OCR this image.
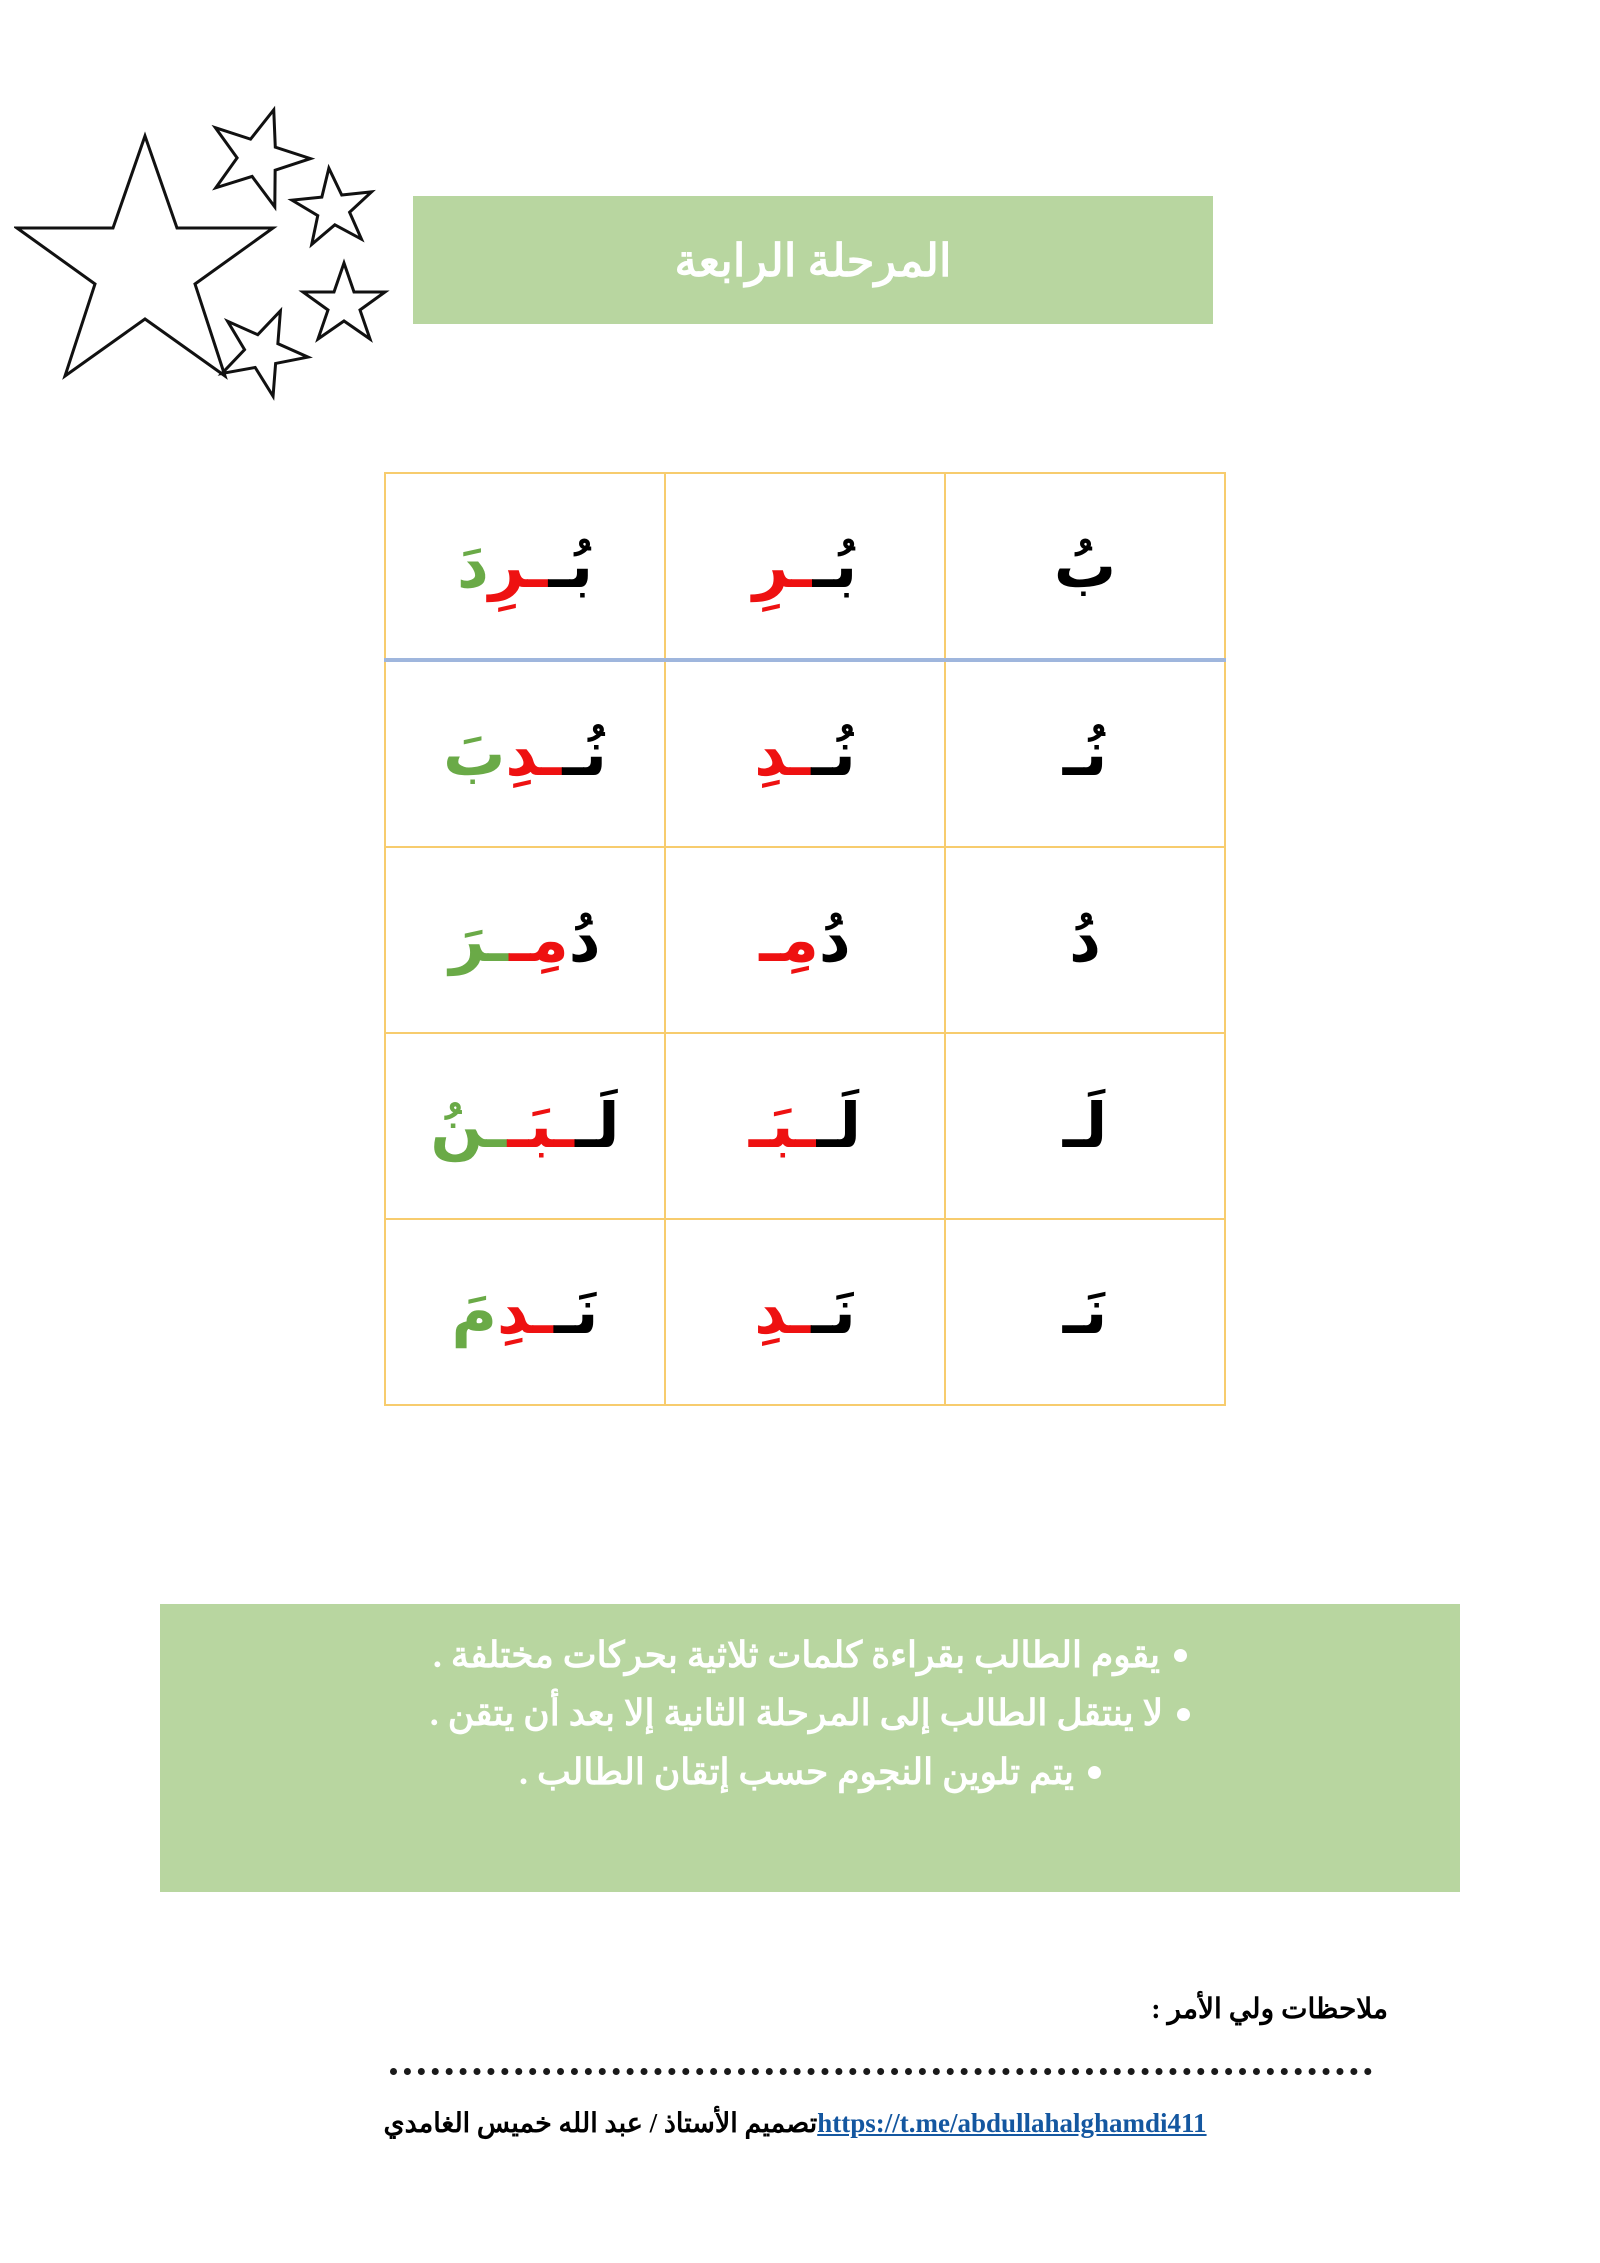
المرحلة الرابعة
بُ	بُــرِ	بُــرِدَ
نُـ	نُــدِ	نُــدِبَ
دُ	دُمِـ	دُمِــرَ
لَـ	لَــبَـ	لَــبَــنُ
نَـ	نَــدِ	نَــدِمَ
يقوم الطالب بقراءة كلمات ثلاثية بحركات مختلفة .
لا ينتقل الطالب إلى المرحلة الثانية إلا بعد أن يتقن .
يتم تلوين النجوم حسب إتقان الطالب .
ملاحظات ولي الأمر :
https://t.me/abdullahalghamdi411تصميم الأستاذ / عبد الله خميس الغامدي
